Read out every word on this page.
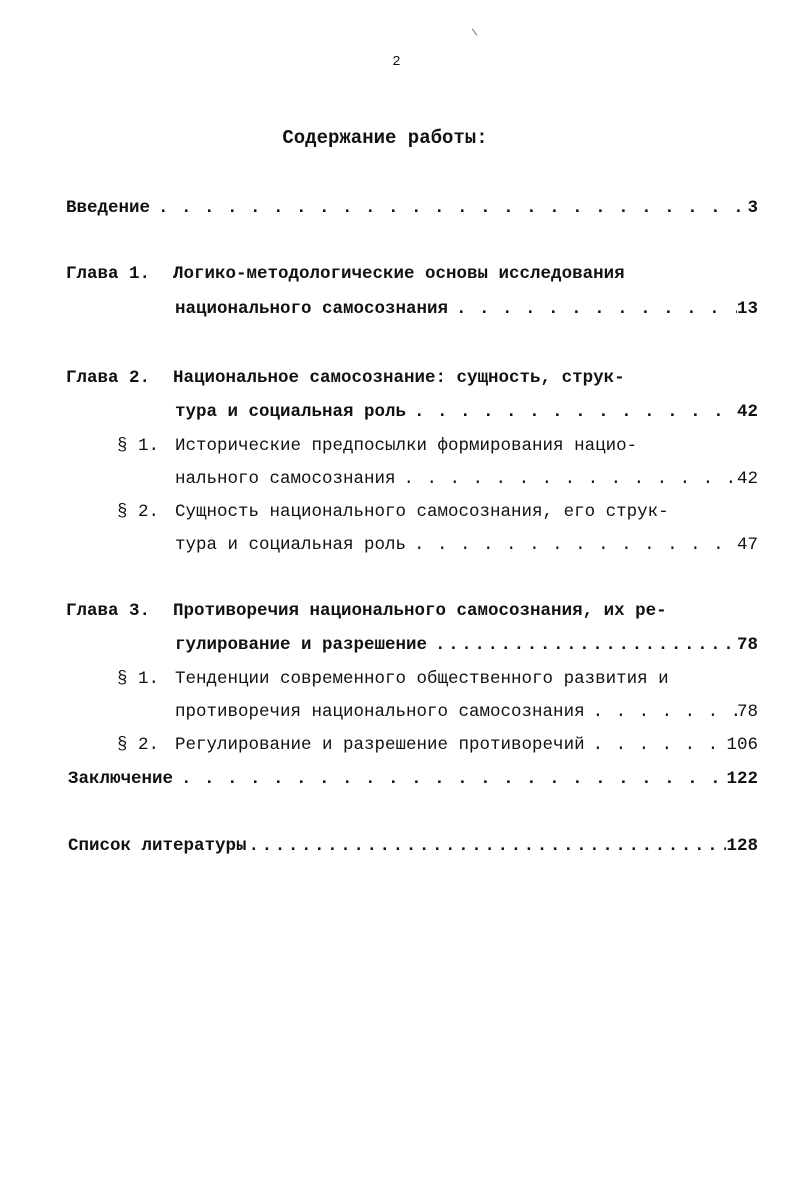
2
Содержание работы:
Введение . . .	3
Глава 1.	Логико-методологические основы исследования
национального самосознания . . .	13
Глава 2.	Национальное самосознание: сущность, струк-
тура и социальная роль . . .	42
§ 1. Исторические предпосылки формирования нацио-
нального самосознания . . .	42
§ 2. Сущность национального самосознания, его струк-
тура и социальная роль . . .	47
Глава 3.	Противоречия национального самосознания, их ре-
гулирование и разрешение .....	78
§ 1. Тенденции современного общественного развития и
противоречия национального самосознания . . .	78
§ 2. Регулирование и разрешение противоречий . . .	106
Заключение . . .	122
Список литературы .....	128
